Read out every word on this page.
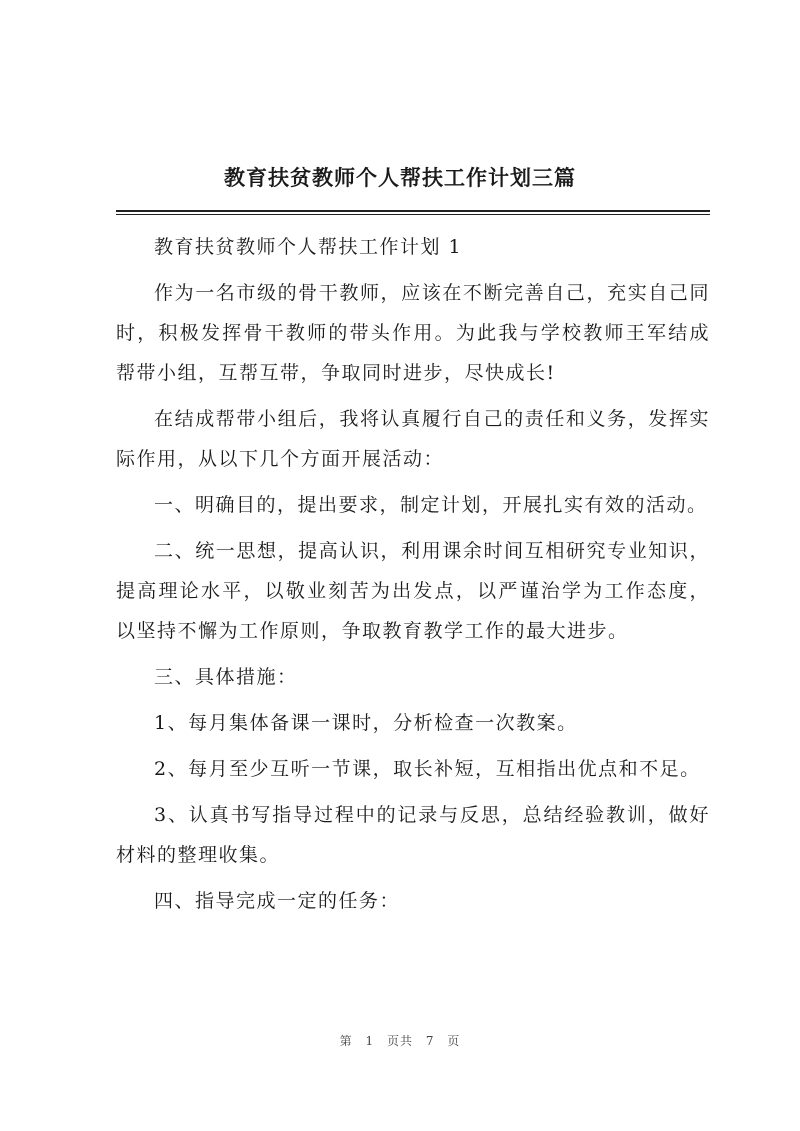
教育扶贫教师个人帮扶工作计划三篇

教育扶贫教师个人帮扶工作计划 1

作为一名市级的骨干教师，应该在不断完善自己，充实自己同时，积极发挥骨干教师的带头作用。为此我与学校教师王军结成帮带小组，互帮互带，争取同时进步，尽快成长!

在结成帮带小组后，我将认真履行自己的责任和义务，发挥实际作用，从以下几个方面开展活动：

一、明确目的，提出要求，制定计划，开展扎实有效的活动。

二、统一思想，提高认识，利用课余时间互相研究专业知识，提高理论水平，以敬业刻苦为出发点，以严谨治学为工作态度，以坚持不懈为工作原则，争取教育教学工作的最大进步。

三、具体措施：

1、每月集体备课一课时，分析检查一次教案。

2、每月至少互听一节课，取长补短，互相指出优点和不足。

3、认真书写指导过程中的记录与反思，总结经验教训，做好材料的整理收集。

四、指导完成一定的任务：

第 1 页共 7 页
